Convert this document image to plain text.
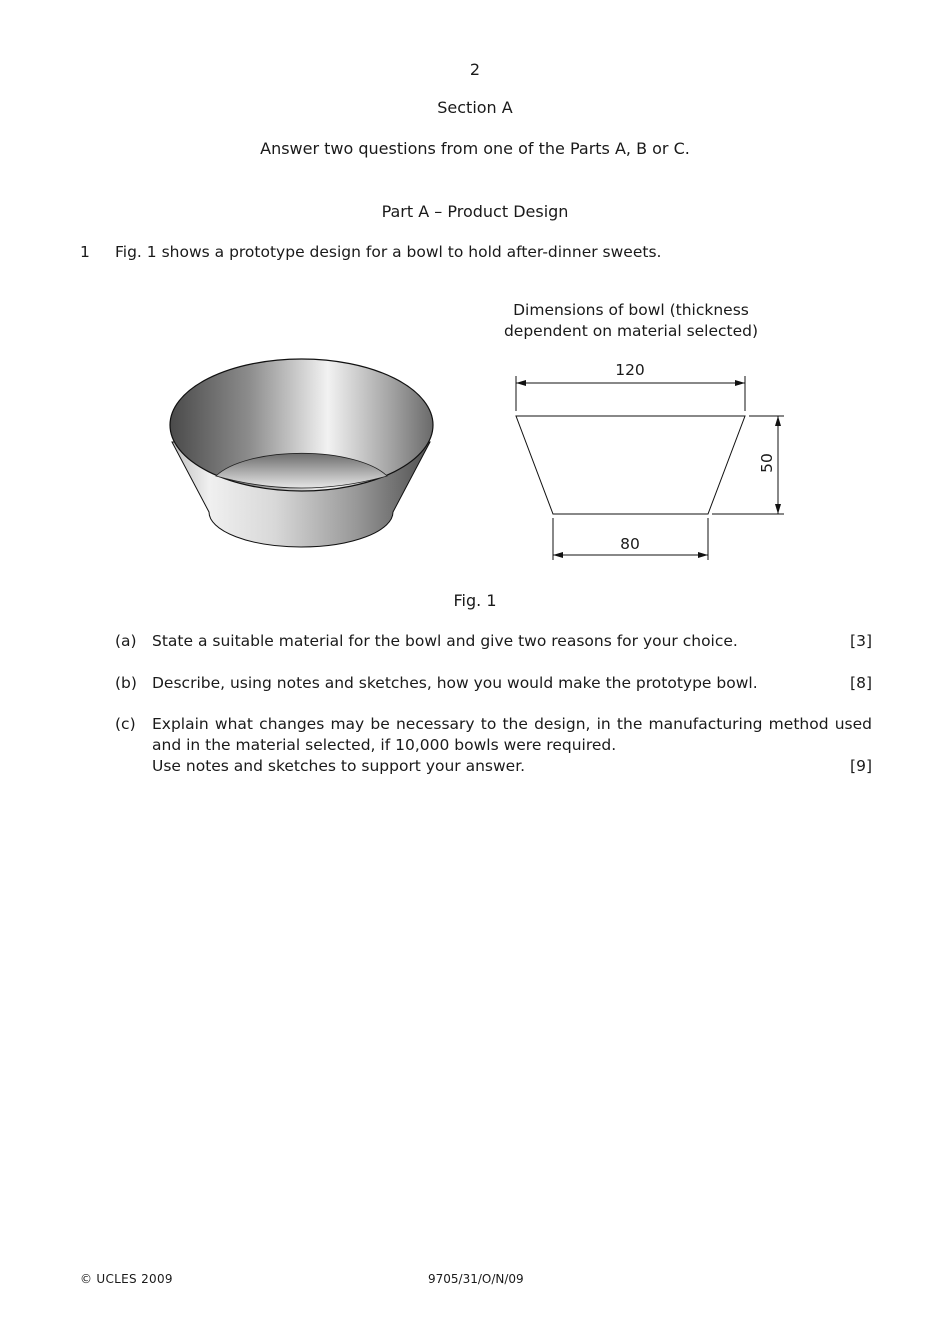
2
Section A
Answer two questions from one of the Parts A, B or C.
Part A – Product Design
1 Fig. 1 shows a prototype design for a bowl to hold after-dinner sweets.
Dimensions of bowl (thickness
dependent on material selected)
120
80
50
Fig. 1
(a) State a suitable material for the bowl and give two reasons for your choice.	[3]
(b) Describe, using notes and sketches, how you would make the prototype bowl.	[8]
(c) Explain what changes may be necessary to the design, in the manufacturing method used
and in the material selected, if 10,000 bowls were required.
Use notes and sketches to support your answer.	[9]
© UCLES 2009	9705/31/O/N/09
